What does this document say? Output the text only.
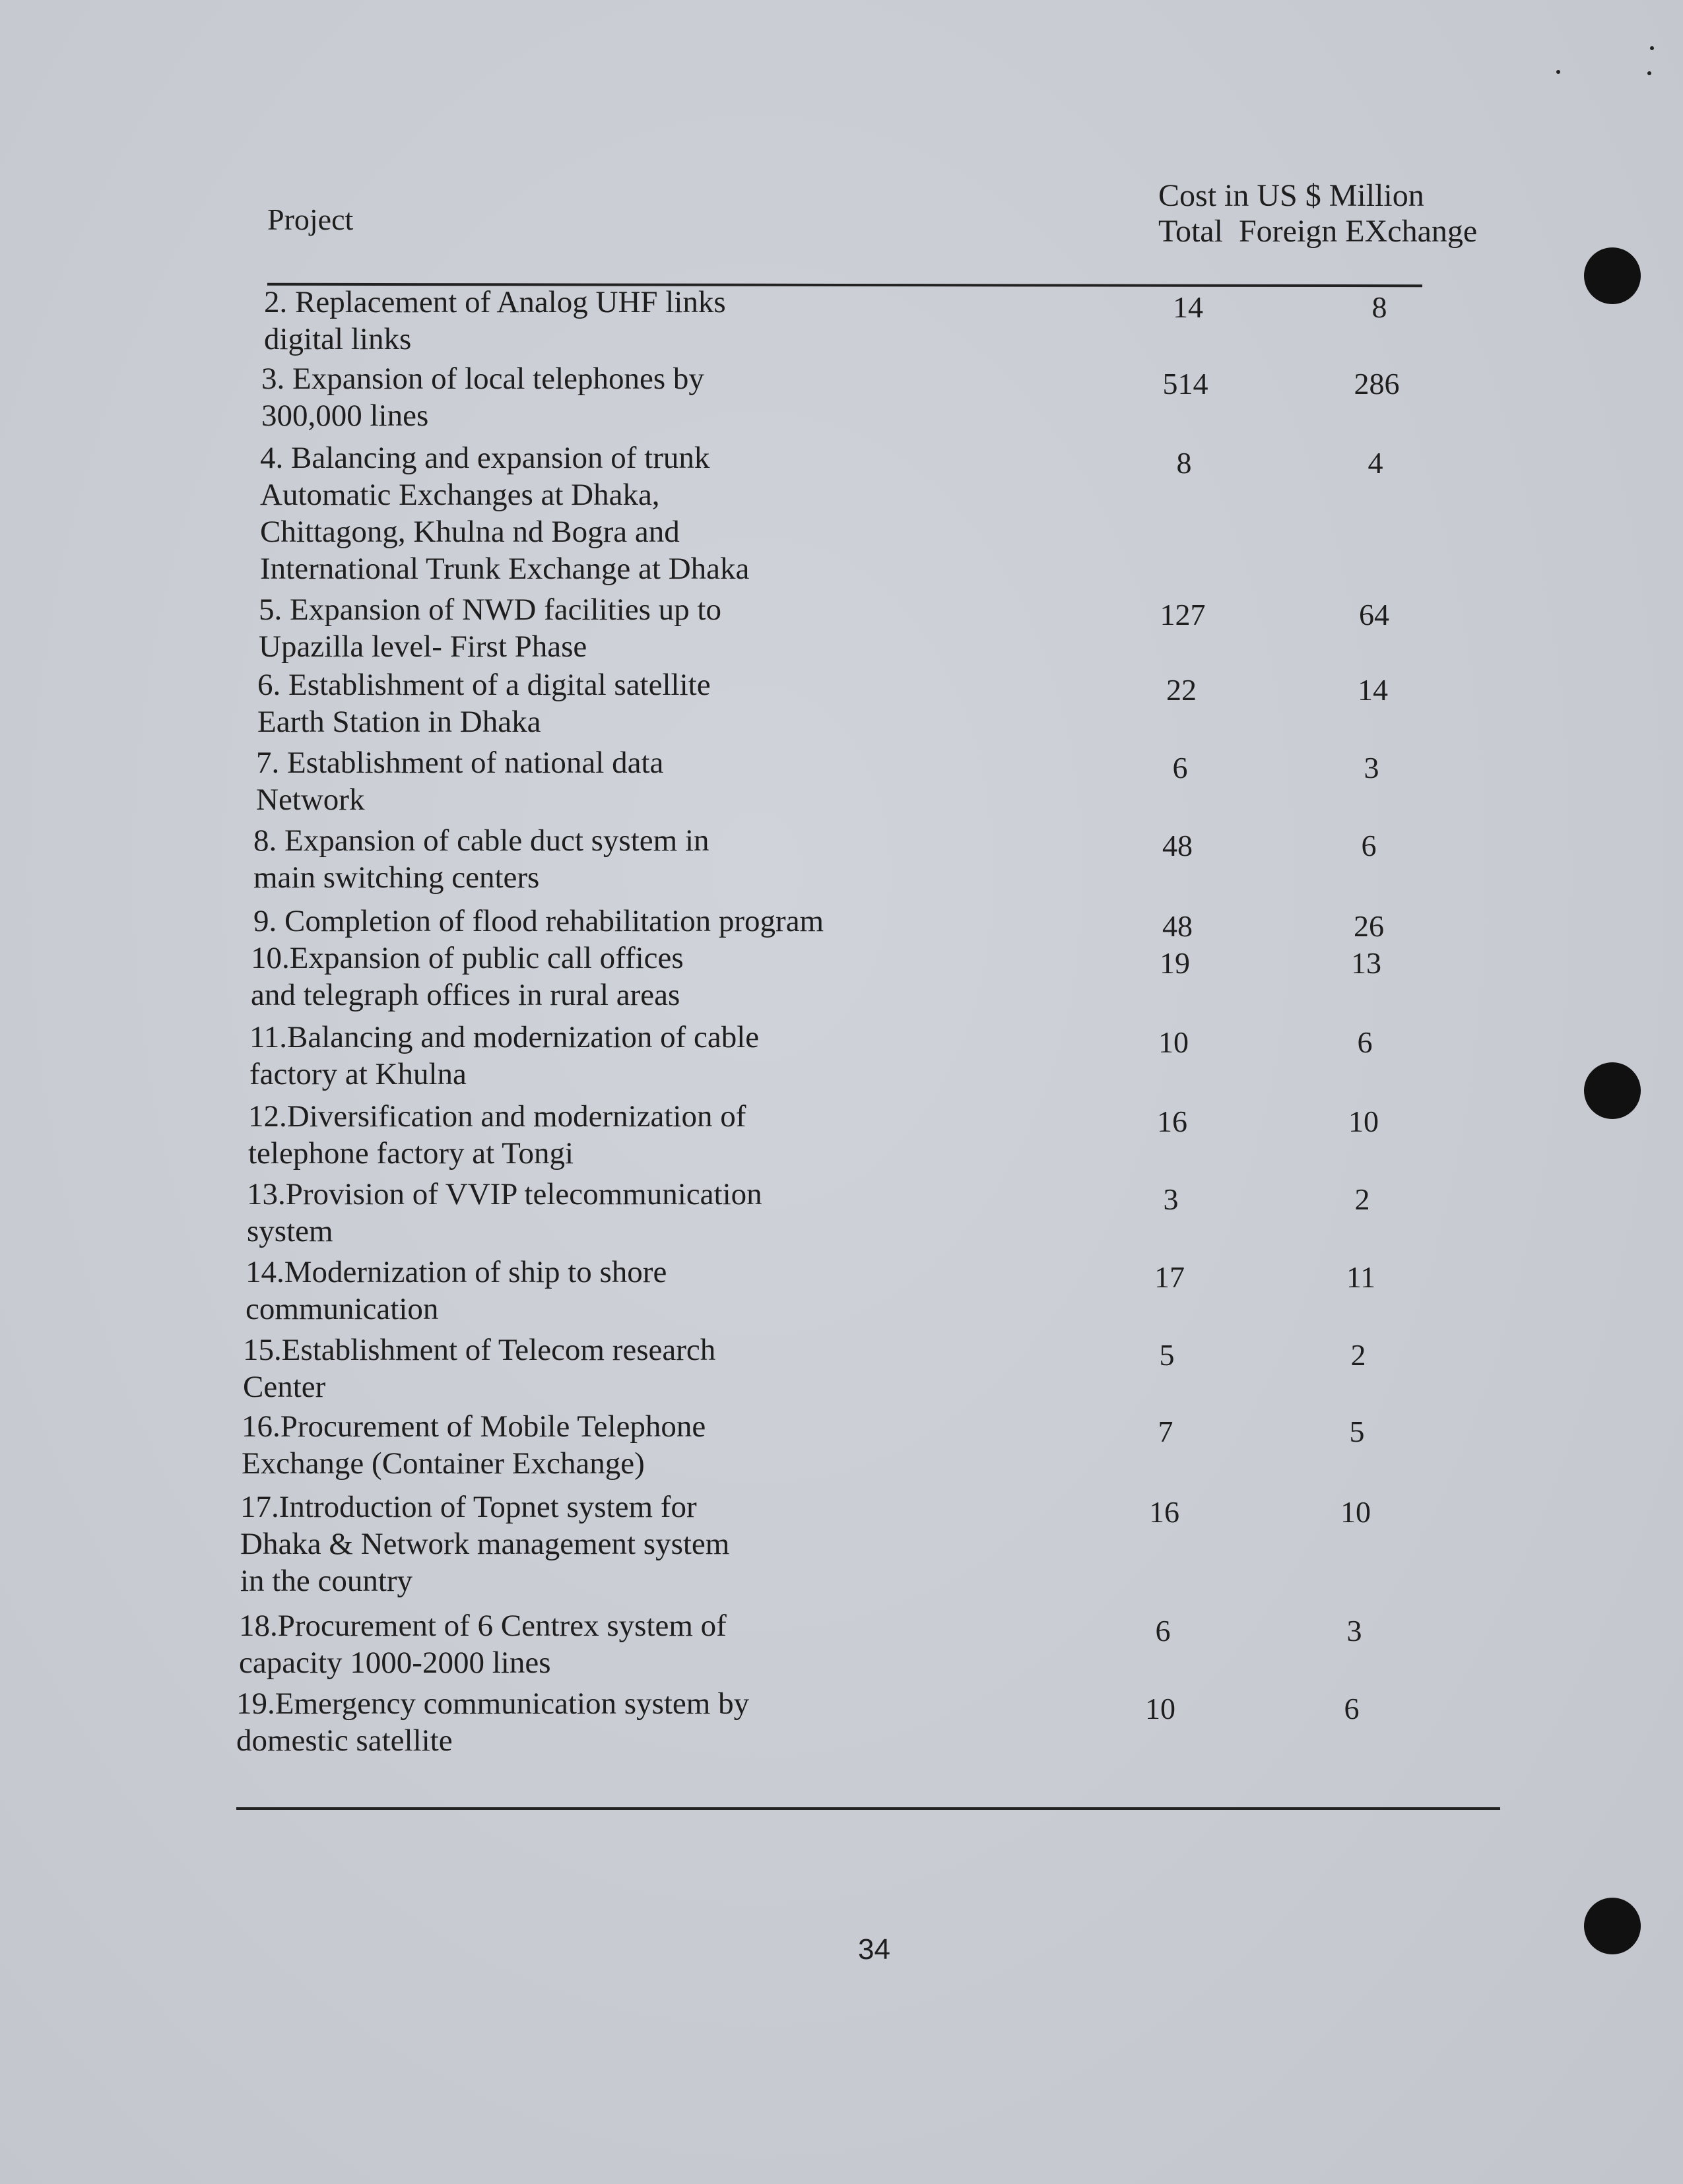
Project
Cost in US $ Million
Total Foreign EXchange
2. Replacement of Analog UHF links
digital links
14	8
3. Expansion of local telephones by
300,000 lines
514	286
4. Balancing and expansion of trunk
Automatic Exchanges at Dhaka,
Chittagong, Khulna nd Bogra and
International Trunk Exchange at Dhaka
8	4
5. Expansion of NWD facilities up to
Upazilla level- First Phase
127	64
6. Establishment of a digital satellite
Earth Station in Dhaka
22	14
7. Establishment of national data
Network
6	3
8. Expansion of cable duct system in
main switching centers
48	6
9. Completion of flood rehabilitation program	48	26
10.Expansion of public call offices
and telegraph offices in rural areas
19	13
11.Balancing and modernization of cable
factory at Khulna
10	6
12.Diversification and modernization of
telephone factory at Tongi
16	10
13.Provision of VVIP telecommunication
system
3	2
14.Modernization of ship to shore
communication
17	11
15.Establishment of Telecom research
Center
5	2
16.Procurement of Mobile Telephone
Exchange (Container Exchange)
7	5
17.Introduction of Topnet system for
Dhaka & Network management system
in the country
16	10
18.Procurement of 6 Centrex system of
capacity 1000-2000 lines
6	3
19.Emergency communication system by
domestic satellite
10	6
34
